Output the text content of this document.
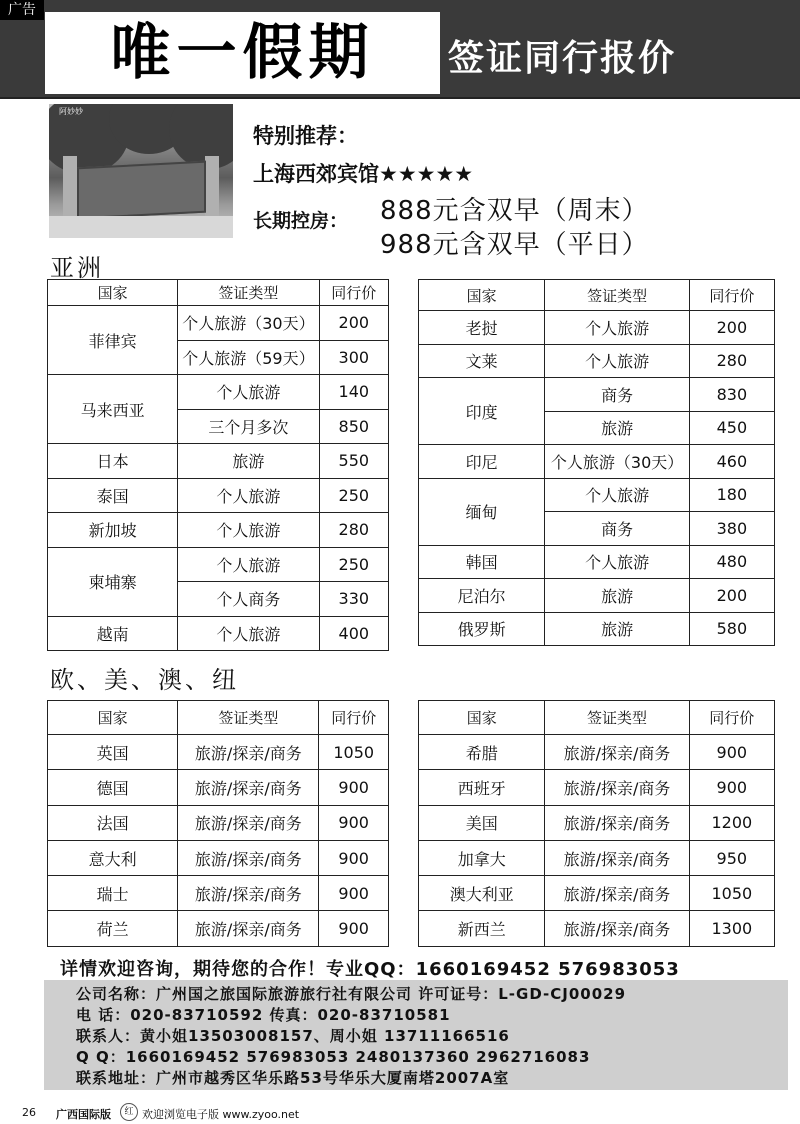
广告
唯一假期	签证同行报价
阿妙妙
特别推荐：
上海西郊宾馆★★★★★
长期控房： 888元含双早（周末）
988元含双早（平日）
亚洲
欧、美、澳、纽
国家	签证类型	同行价
菲律宾	个人旅游（30天）	200
	个人旅游（59天）	300
马来西亚	个人旅游	140
	三个月多次	850
日本	旅游	550
泰国	个人旅游	250
新加坡	个人旅游	280
柬埔寨	个人旅游	250
	个人商务	330
越南	个人旅游	400
国家	签证类型	同行价
老挝	个人旅游	200
文莱	个人旅游	280
印度	商务	830
	旅游	450
印尼	个人旅游（30天）	460
缅甸	个人旅游	180
	商务	380
韩国	个人旅游	480
尼泊尔	旅游	200
俄罗斯	旅游	580
国家	签证类型	同行价
英国	旅游/探亲/商务	1050
德国	旅游/探亲/商务	900
法国	旅游/探亲/商务	900
意大利	旅游/探亲/商务	900
瑞士	旅游/探亲/商务	900
荷兰	旅游/探亲/商务	900
国家	签证类型	同行价
希腊	旅游/探亲/商务	900
西班牙	旅游/探亲/商务	900
美国	旅游/探亲/商务	1200
加拿大	旅游/探亲/商务	950
澳大利亚	旅游/探亲/商务	1050
新西兰	旅游/探亲/商务	1300
详情欢迎咨询，期待您的合作！专业QQ：1660169452 576983053
公司名称：广州国之旅国际旅游旅行社有限公司 许可证号：L-GD-CJ00029
电 话：020-83710592 传真：020-83710581
联系人：黄小姐13503008157、周小姐 13711166516
Q Q：1660169452 576983053 2480137360 2962716083
联系地址：广州市越秀区华乐路53号华乐大厦南塔2007A室
26 广西国际版	红 欢迎浏览电子版 www.zyoo.net
